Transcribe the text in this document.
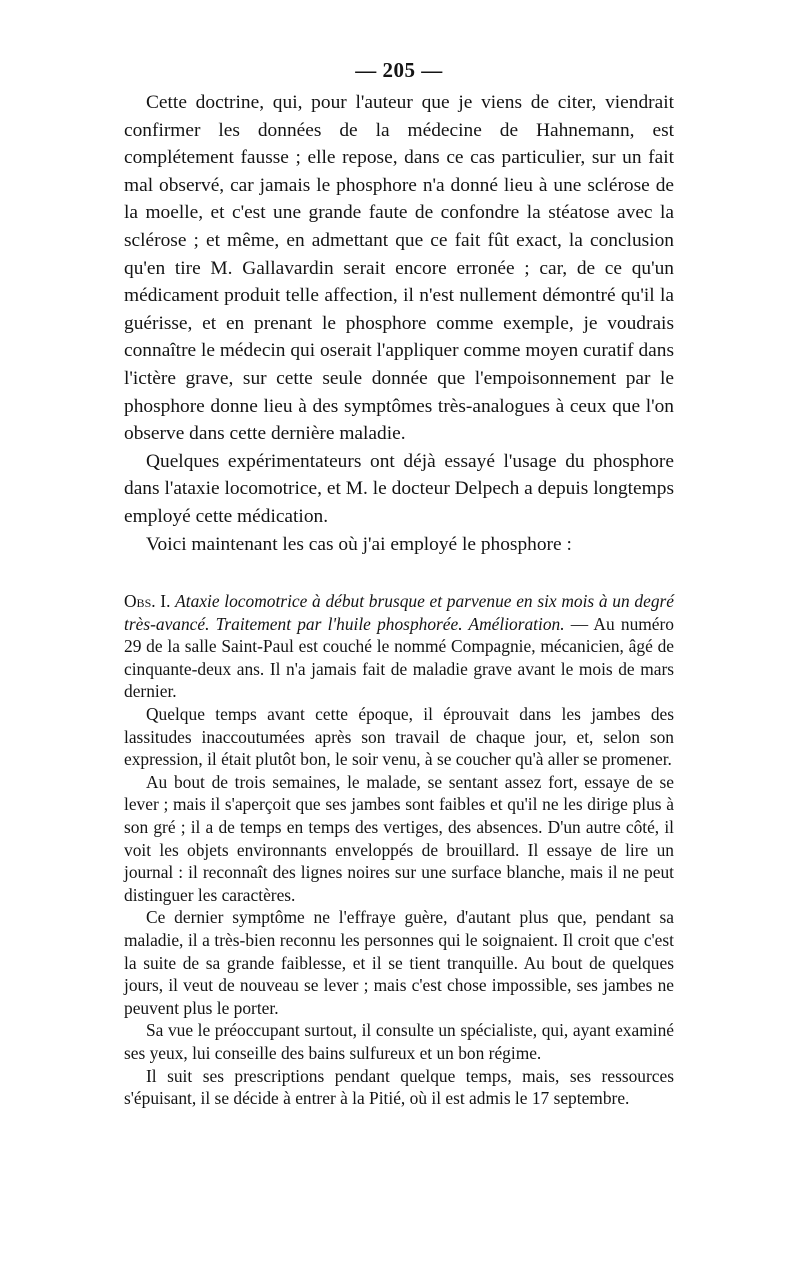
— 205 —

Cette doctrine, qui, pour l'auteur que je viens de citer, viendrait confirmer les données de la médecine de Hahnemann, est complétement fausse ; elle repose, dans ce cas particulier, sur un fait mal observé, car jamais le phosphore n'a donné lieu à une sclérose de la moelle, et c'est une grande faute de confondre la stéatose avec la sclérose ; et même, en admettant que ce fait fût exact, la conclusion qu'en tire M. Gallavardin serait encore erronée ; car, de ce qu'un médicament produit telle affection, il n'est nullement démontré qu'il la guérisse, et en prenant le phosphore comme exemple, je voudrais connaître le médecin qui oserait l'appliquer comme moyen curatif dans l'ictère grave, sur cette seule donnée que l'empoisonnement par le phosphore donne lieu à des symptômes très-analogues à ceux que l'on observe dans cette dernière maladie.

Quelques expérimentateurs ont déjà essayé l'usage du phosphore dans l'ataxie locomotrice, et M. le docteur Delpech a depuis longtemps employé cette médication.

Voici maintenant les cas où j'ai employé le phosphore :

Obs. I. Ataxie locomotrice à début brusque et parvenue en six mois à un degré très-avancé. Traitement par l'huile phosphorée. Amélioration. — Au numéro 29 de la salle Saint-Paul est couché le nommé Compagnie, mécanicien, âgé de cinquante-deux ans. Il n'a jamais fait de maladie grave avant le mois de mars dernier.

Quelque temps avant cette époque, il éprouvait dans les jambes des lassitudes inaccoutumées après son travail de chaque jour, et, selon son expression, il était plutôt bon, le soir venu, à se coucher qu'à aller se promener.

Au bout de trois semaines, le malade, se sentant assez fort, essaye de se lever ; mais il s'aperçoit que ses jambes sont faibles et qu'il ne les dirige plus à son gré ; il a de temps en temps des vertiges, des absences. D'un autre côté, il voit les objets environnants enveloppés de brouillard. Il essaye de lire un journal : il reconnaît des lignes noires sur une surface blanche, mais il ne peut distinguer les caractères.

Ce dernier symptôme ne l'effraye guère, d'autant plus que, pendant sa maladie, il a très-bien reconnu les personnes qui le soignaient. Il croit que c'est la suite de sa grande faiblesse, et il se tient tranquille. Au bout de quelques jours, il veut de nouveau se lever ; mais c'est chose impossible, ses jambes ne peuvent plus le porter.

Sa vue le préoccupant surtout, il consulte un spécialiste, qui, ayant examiné ses yeux, lui conseille des bains sulfureux et un bon régime.

Il suit ses prescriptions pendant quelque temps, mais, ses ressources s'épuisant, il se décide à entrer à la Pitié, où il est admis le 17 septembre.
